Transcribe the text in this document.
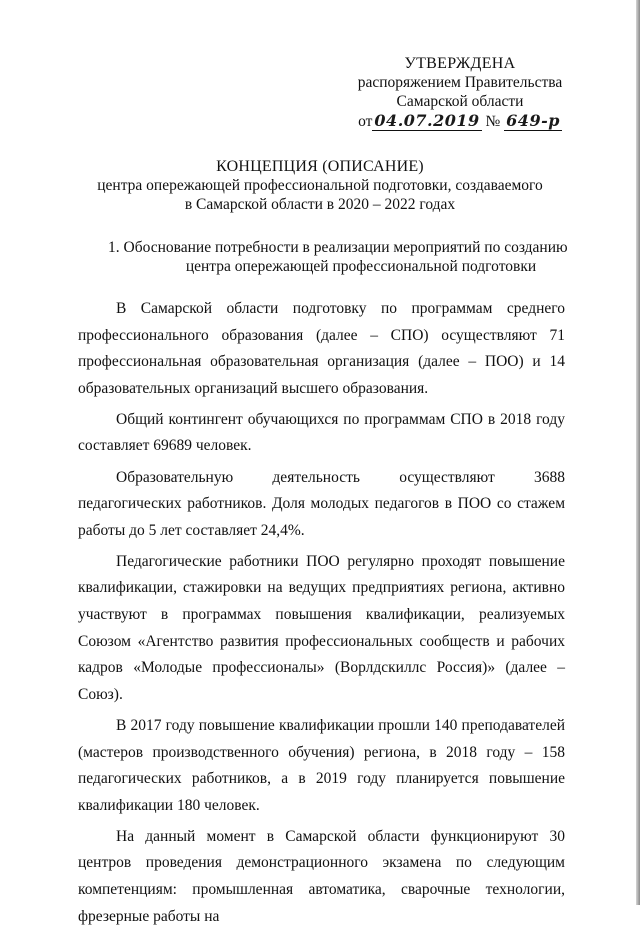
УТВЕРЖДЕНА
распоряжением Правительства
Самарской области
от 04.07.2019 № 649-р
КОНЦЕПЦИЯ (ОПИСАНИЕ)
центра опережающей профессиональной подготовки, создаваемого
в Самарской области в 2020 – 2022 годах
1. Обоснование потребности в реализации мероприятий по созданию
центра опережающей профессиональной подготовки

В Самарской области подготовку по программам среднего профессионального образования (далее – СПО) осуществляют 71 профессиональная образовательная организация (далее – ПОО) и 14 образовательных организаций высшего образования.

Общий контингент обучающихся по программам СПО в 2018 году составляет 69689 человек.

Образовательную деятельность осуществляют 3688 педагогических работников. Доля молодых педагогов в ПОО со стажем работы до 5 лет составляет 24,4%.

Педагогические работники ПОО регулярно проходят повышение квалификации, стажировки на ведущих предприятиях региона, активно участвуют в программах повышения квалификации, реализуемых Союзом «Агентство развития профессиональных сообществ и рабочих кадров «Молодые профессионалы» (Ворлдскиллс Россия)» (далее – Союз).

В 2017 году повышение квалификации прошли 140 преподавателей (мастеров производственного обучения) региона, в 2018 году – 158 педагогических работников, а в 2019 году планируется повышение квалификации 180 человек.

На данный момент в Самарской области функционируют 30 центров проведения демонстрационного экзамена по следующим компетенциям: промышленная автоматика, сварочные технологии, фрезерные работы на
